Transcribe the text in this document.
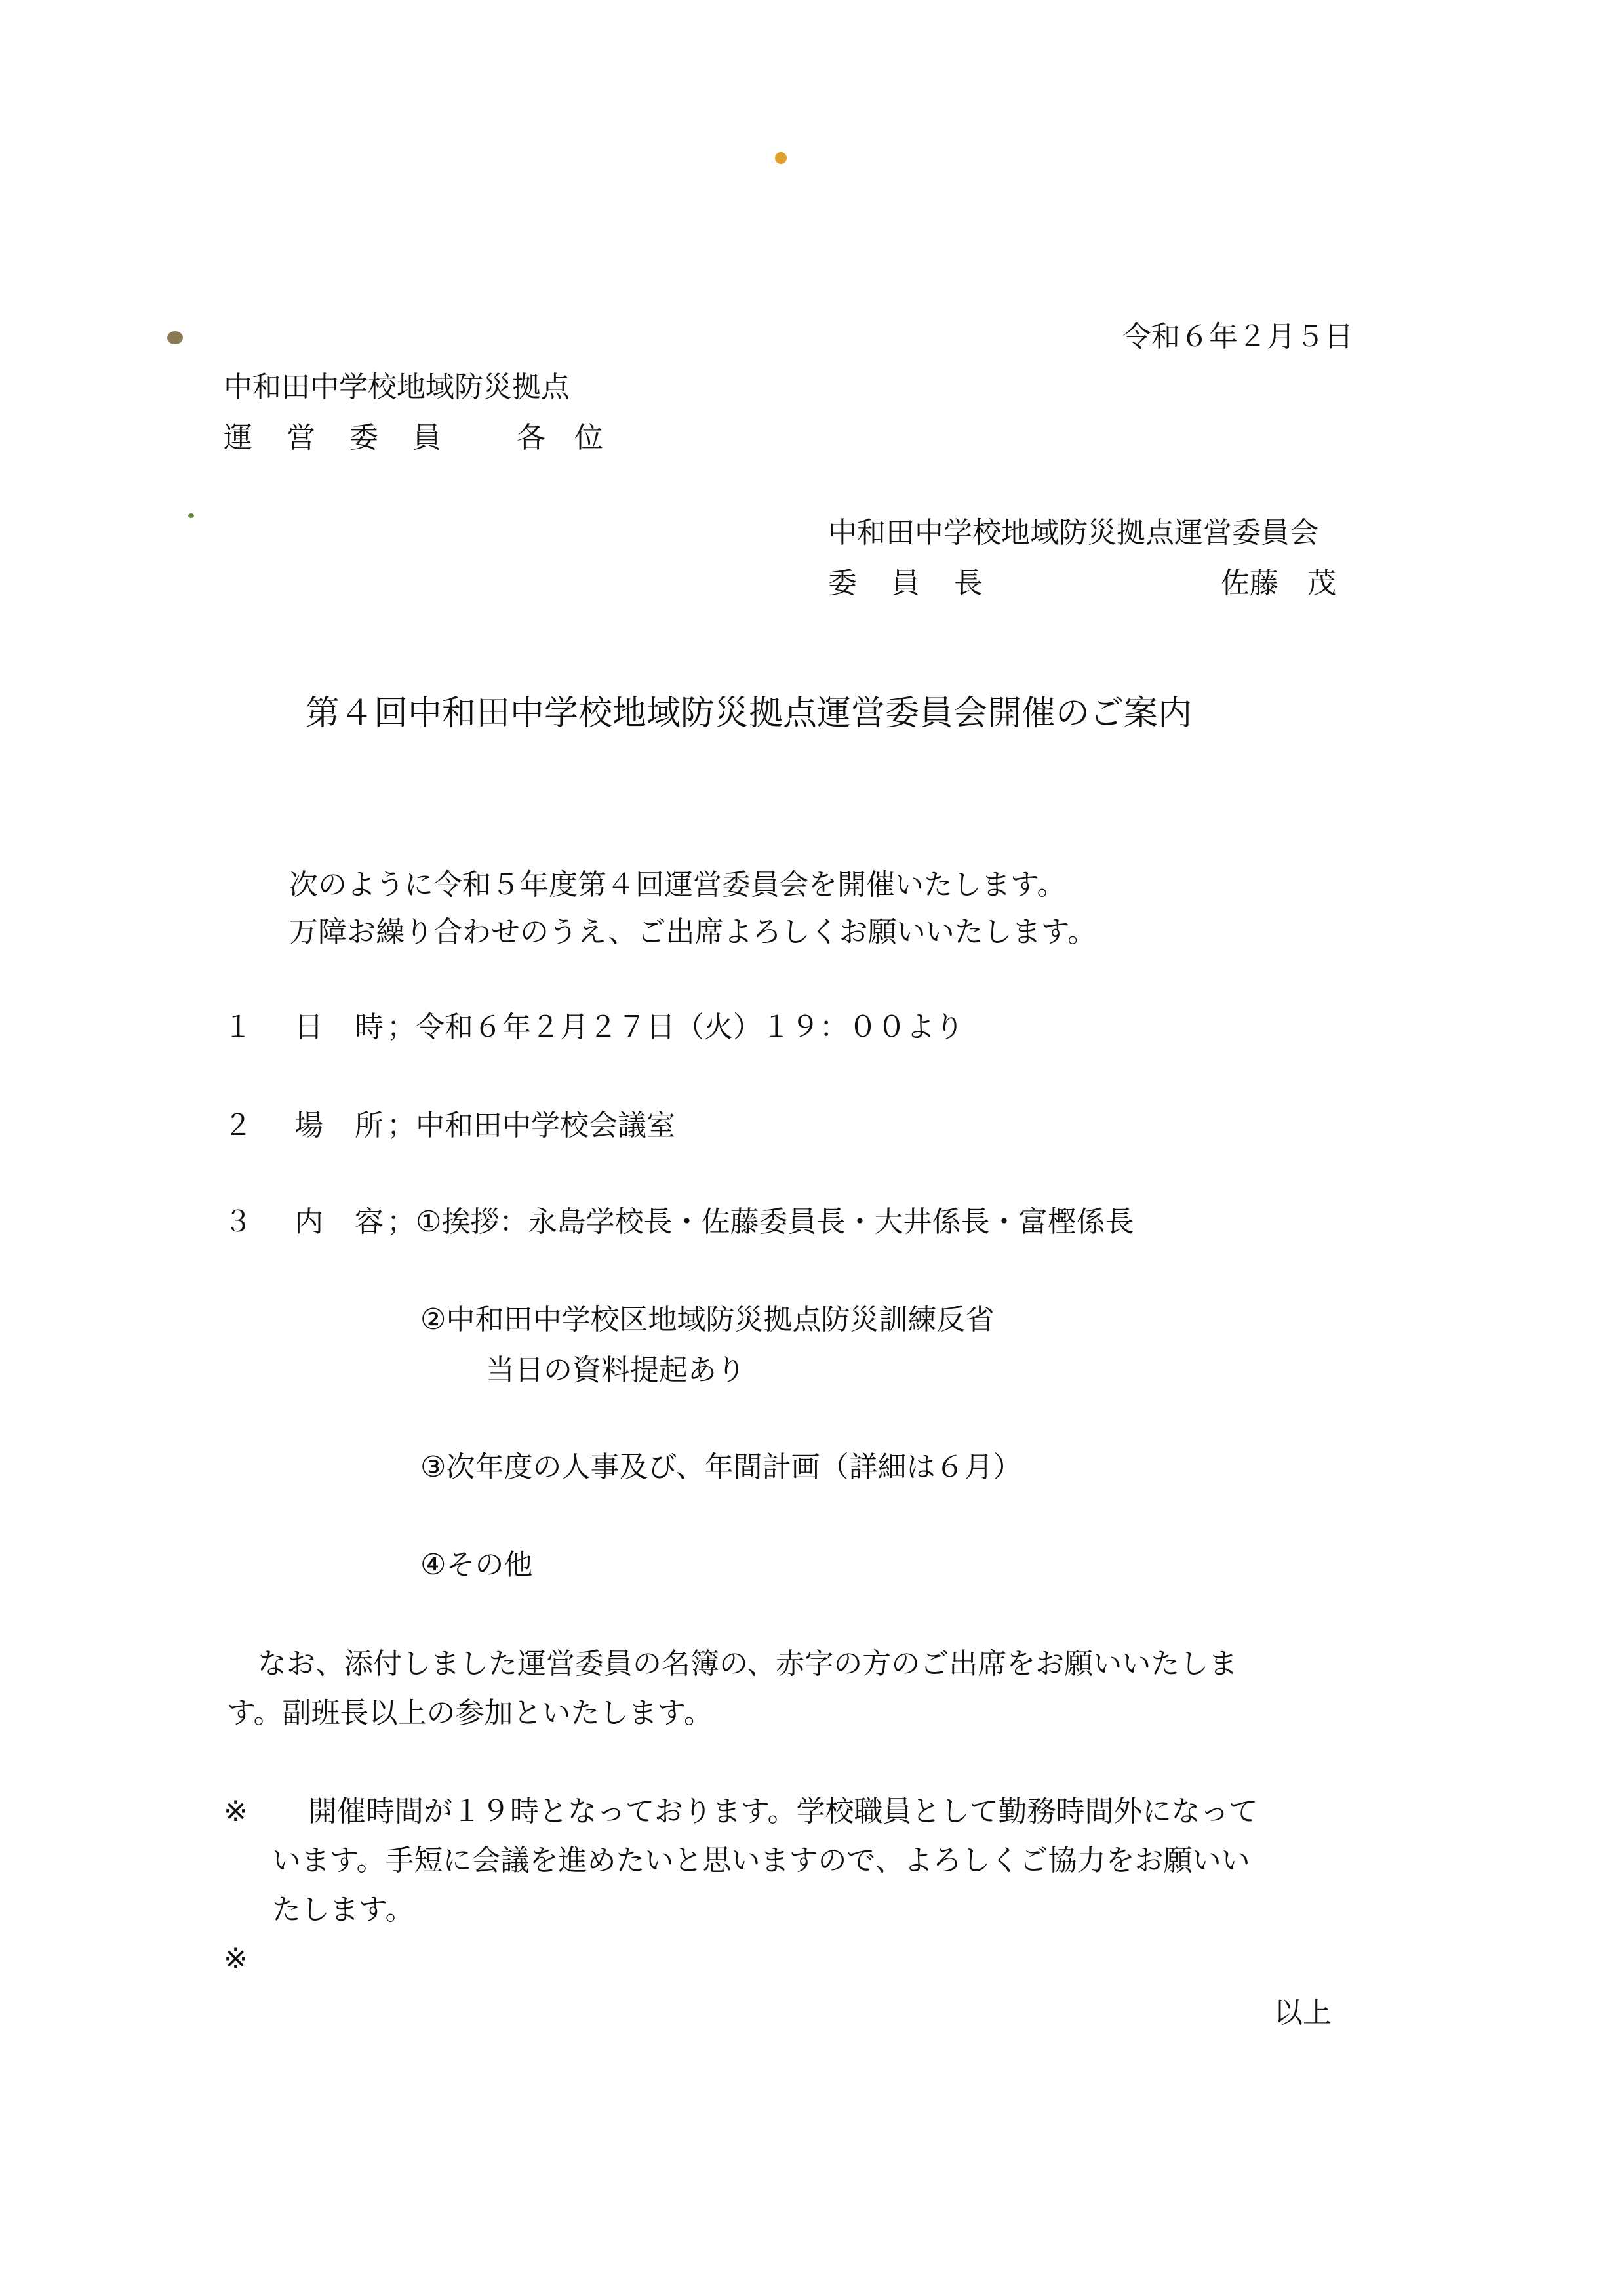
令和６年２月５日
中和田中学校地域防災拠点
運営委員 各位
中和田中学校地域防災拠点運営委員会
委員長	佐藤　茂
第４回中和田中学校地域防災拠点運営委員会開催のご案内
次のように令和５年度第４回運営委員会を開催いたします。
万障お繰り合わせのうえ、ご出席よろしくお願いいたします。
１ 日 時 ；令和６年２月２７日（火）１９：００より
２ 場 所 ；中和田中学校会議室
３ 内 容 ；①挨拶：永島学校長・佐藤委員長・大井係長・富樫係長
②中和田中学校区地域防災拠点防災訓練反省
当日の資料提起あり
③次年度の人事及び、年間計画（詳細は６月）
④その他
なお、添付しました運営委員の名簿の、赤字の方のご出席をお願いいたしま
す。副班長以上の参加といたします。
※ 開催時間が１９時となっております。学校職員として勤務時間外になって
います。手短に会議を進めたいと思いますので、よろしくご協力をお願いい
たします。
※
以上
